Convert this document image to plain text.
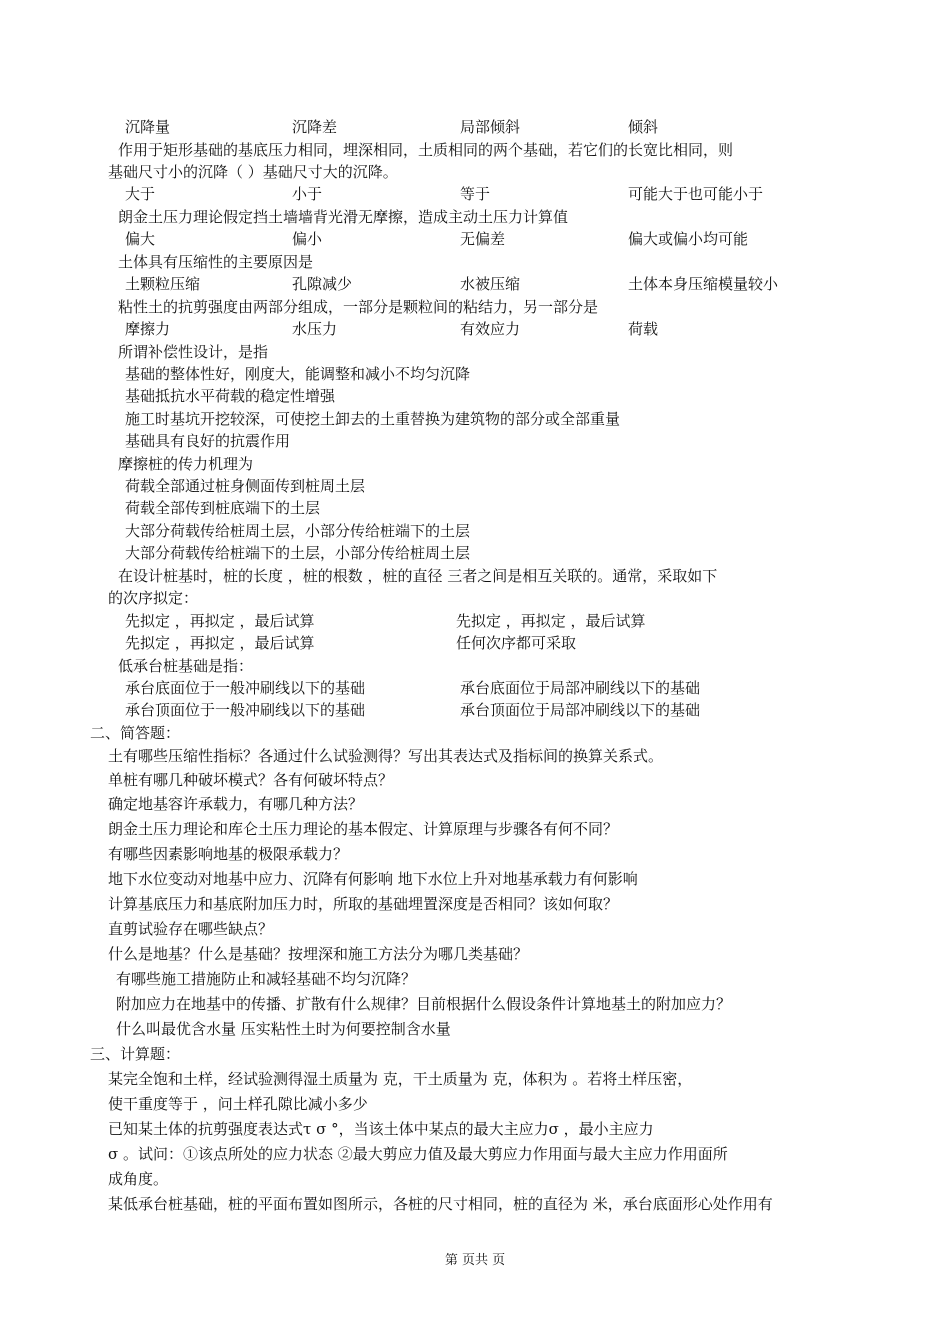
沉降量	沉降差	局部倾斜	倾斜
作用于矩形基础的基底压力相同，埋深相同，土质相同的两个基础，若它们的长宽比相同，则
基础尺寸小的沉降（ ）基础尺寸大的沉降。
大于	小于	等于	可能大于也可能小于
朗金土压力理论假定挡土墙墙背光滑无摩擦，造成主动土压力计算值
偏大	偏小	无偏差	偏大或偏小均可能
土体具有压缩性的主要原因是
土颗粒压缩	孔隙减少	水被压缩	土体本身压缩模量较小
粘性土的抗剪强度由两部分组成，一部分是颗粒间的粘结力，另一部分是
摩擦力	水压力	有效应力	荷载
所谓补偿性设计，是指
基础的整体性好，刚度大，能调整和减小不均匀沉降
基础抵抗水平荷载的稳定性增强
施工时基坑开挖较深，可使挖土卸去的土重替换为建筑物的部分或全部重量
基础具有良好的抗震作用
摩擦桩的传力机理为
荷载全部通过桩身侧面传到桩周土层
荷载全部传到桩底端下的土层
大部分荷载传给桩周土层，小部分传给桩端下的土层
大部分荷载传给桩端下的土层，小部分传给桩周土层
在设计桩基时，桩的长度 ，桩的根数 ，桩的直径 三者之间是相互关联的。通常，采取如下
的次序拟定：
先拟定 ，再拟定 ，最后试算	先拟定 ，再拟定 ，最后试算
先拟定 ，再拟定 ，最后试算	任何次序都可采取
低承台桩基础是指：
承台底面位于一般冲刷线以下的基础	承台底面位于局部冲刷线以下的基础
承台顶面位于一般冲刷线以下的基础	承台顶面位于局部冲刷线以下的基础
二、简答题：
土有哪些压缩性指标？各通过什么试验测得？写出其表达式及指标间的换算关系式。
单桩有哪几种破坏模式？各有何破坏特点？
确定地基容许承载力，有哪几种方法？
朗金土压力理论和库仑土压力理论的基本假定、计算原理与步骤各有何不同？
有哪些因素影响地基的极限承载力？
地下水位变动对地基中应力、沉降有何影响 地下水位上升对地基承载力有何影响
计算基底压力和基底附加压力时，所取的基础埋置深度是否相同？该如何取？
直剪试验存在哪些缺点？
什么是地基？什么是基础？按埋深和施工方法分为哪几类基础？
有哪些施工措施防止和减轻基础不均匀沉降？
附加应力在地基中的传播、扩散有什么规律？目前根据什么假设条件计算地基土的附加应力？
什么叫最优含水量 压实粘性土时为何要控制含水量
三、计算题：
某完全饱和土样，经试验测得湿土质量为 克，干土质量为 克，体积为 。若将土样压密，
使干重度等于 ，问土样孔隙比减小多少
已知某土体的抗剪强度表达式τ σ °，当该土体中某点的最大主应力σ ，最小主应力
σ 。试问：①该点所处的应力状态 ②最大剪应力值及最大剪应力作用面与最大主应力作用面所
成角度。
某低承台桩基础，桩的平面布置如图所示，各桩的尺寸相同，桩的直径为 米，承台底面形心处作用有
第 页共 页
